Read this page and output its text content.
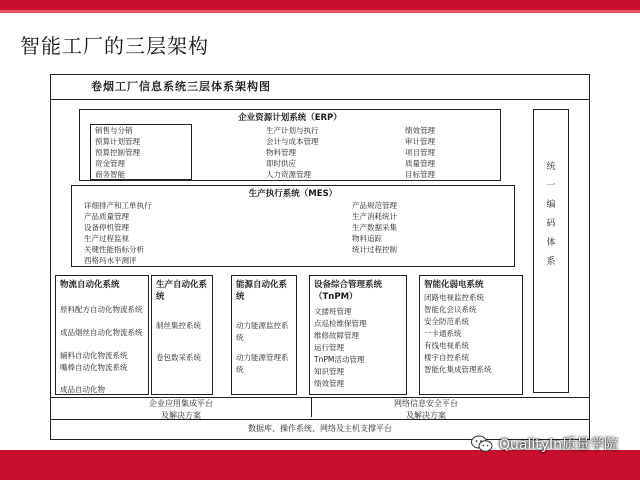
智能工厂的三层架构
卷烟工厂信息系统三层体系架构图
企业资源计划系统（ERP）
销售与分销
预算计划管理
预算控制管理
资金管理
商务智能
生产计划与执行
会计与成本管理
物料管理
即时供应
人力资源管理
绩效管理
审计管理
项目管理
质量管理
目标管理
生产执行系统（MES）
详细排产和工单执行
产品质量管理
设备停机管理
生产过程监视
关键性能指标分析
西格玛水平测评
产品规范管理
生产消耗统计
生产数据采集
物料追踪
统计过程控制
统
一
编
码
体
系
物流自动化系统
原料配方自动化物流系统
成品烟丝自动化物流系统
辅料自动化物流系统
嘴棒自动化物流系统
成品自动化物
生产自动化系统
制丝集控系统
卷包数采系统
能源自动化系统
动力能源监控系统
动力能源管理系统
设备综合管理系统（TnPM）
文搂班管理
点巡检维保管理
维修故障管理
运行管理
TnPM活动管理
知识管理
绩效管理
智能化弱电系统
闭路电视监控系统
智能化会议系统
安全防范系统
一卡通系统
有线电视系统
楼宇自控系统
智能化集成管理系统
企业应用集成平台
及解决方案
网络信息安全平台
及解决方案
数据库、操作系统、网络及主机支撑平台
QualityIn质量学院
